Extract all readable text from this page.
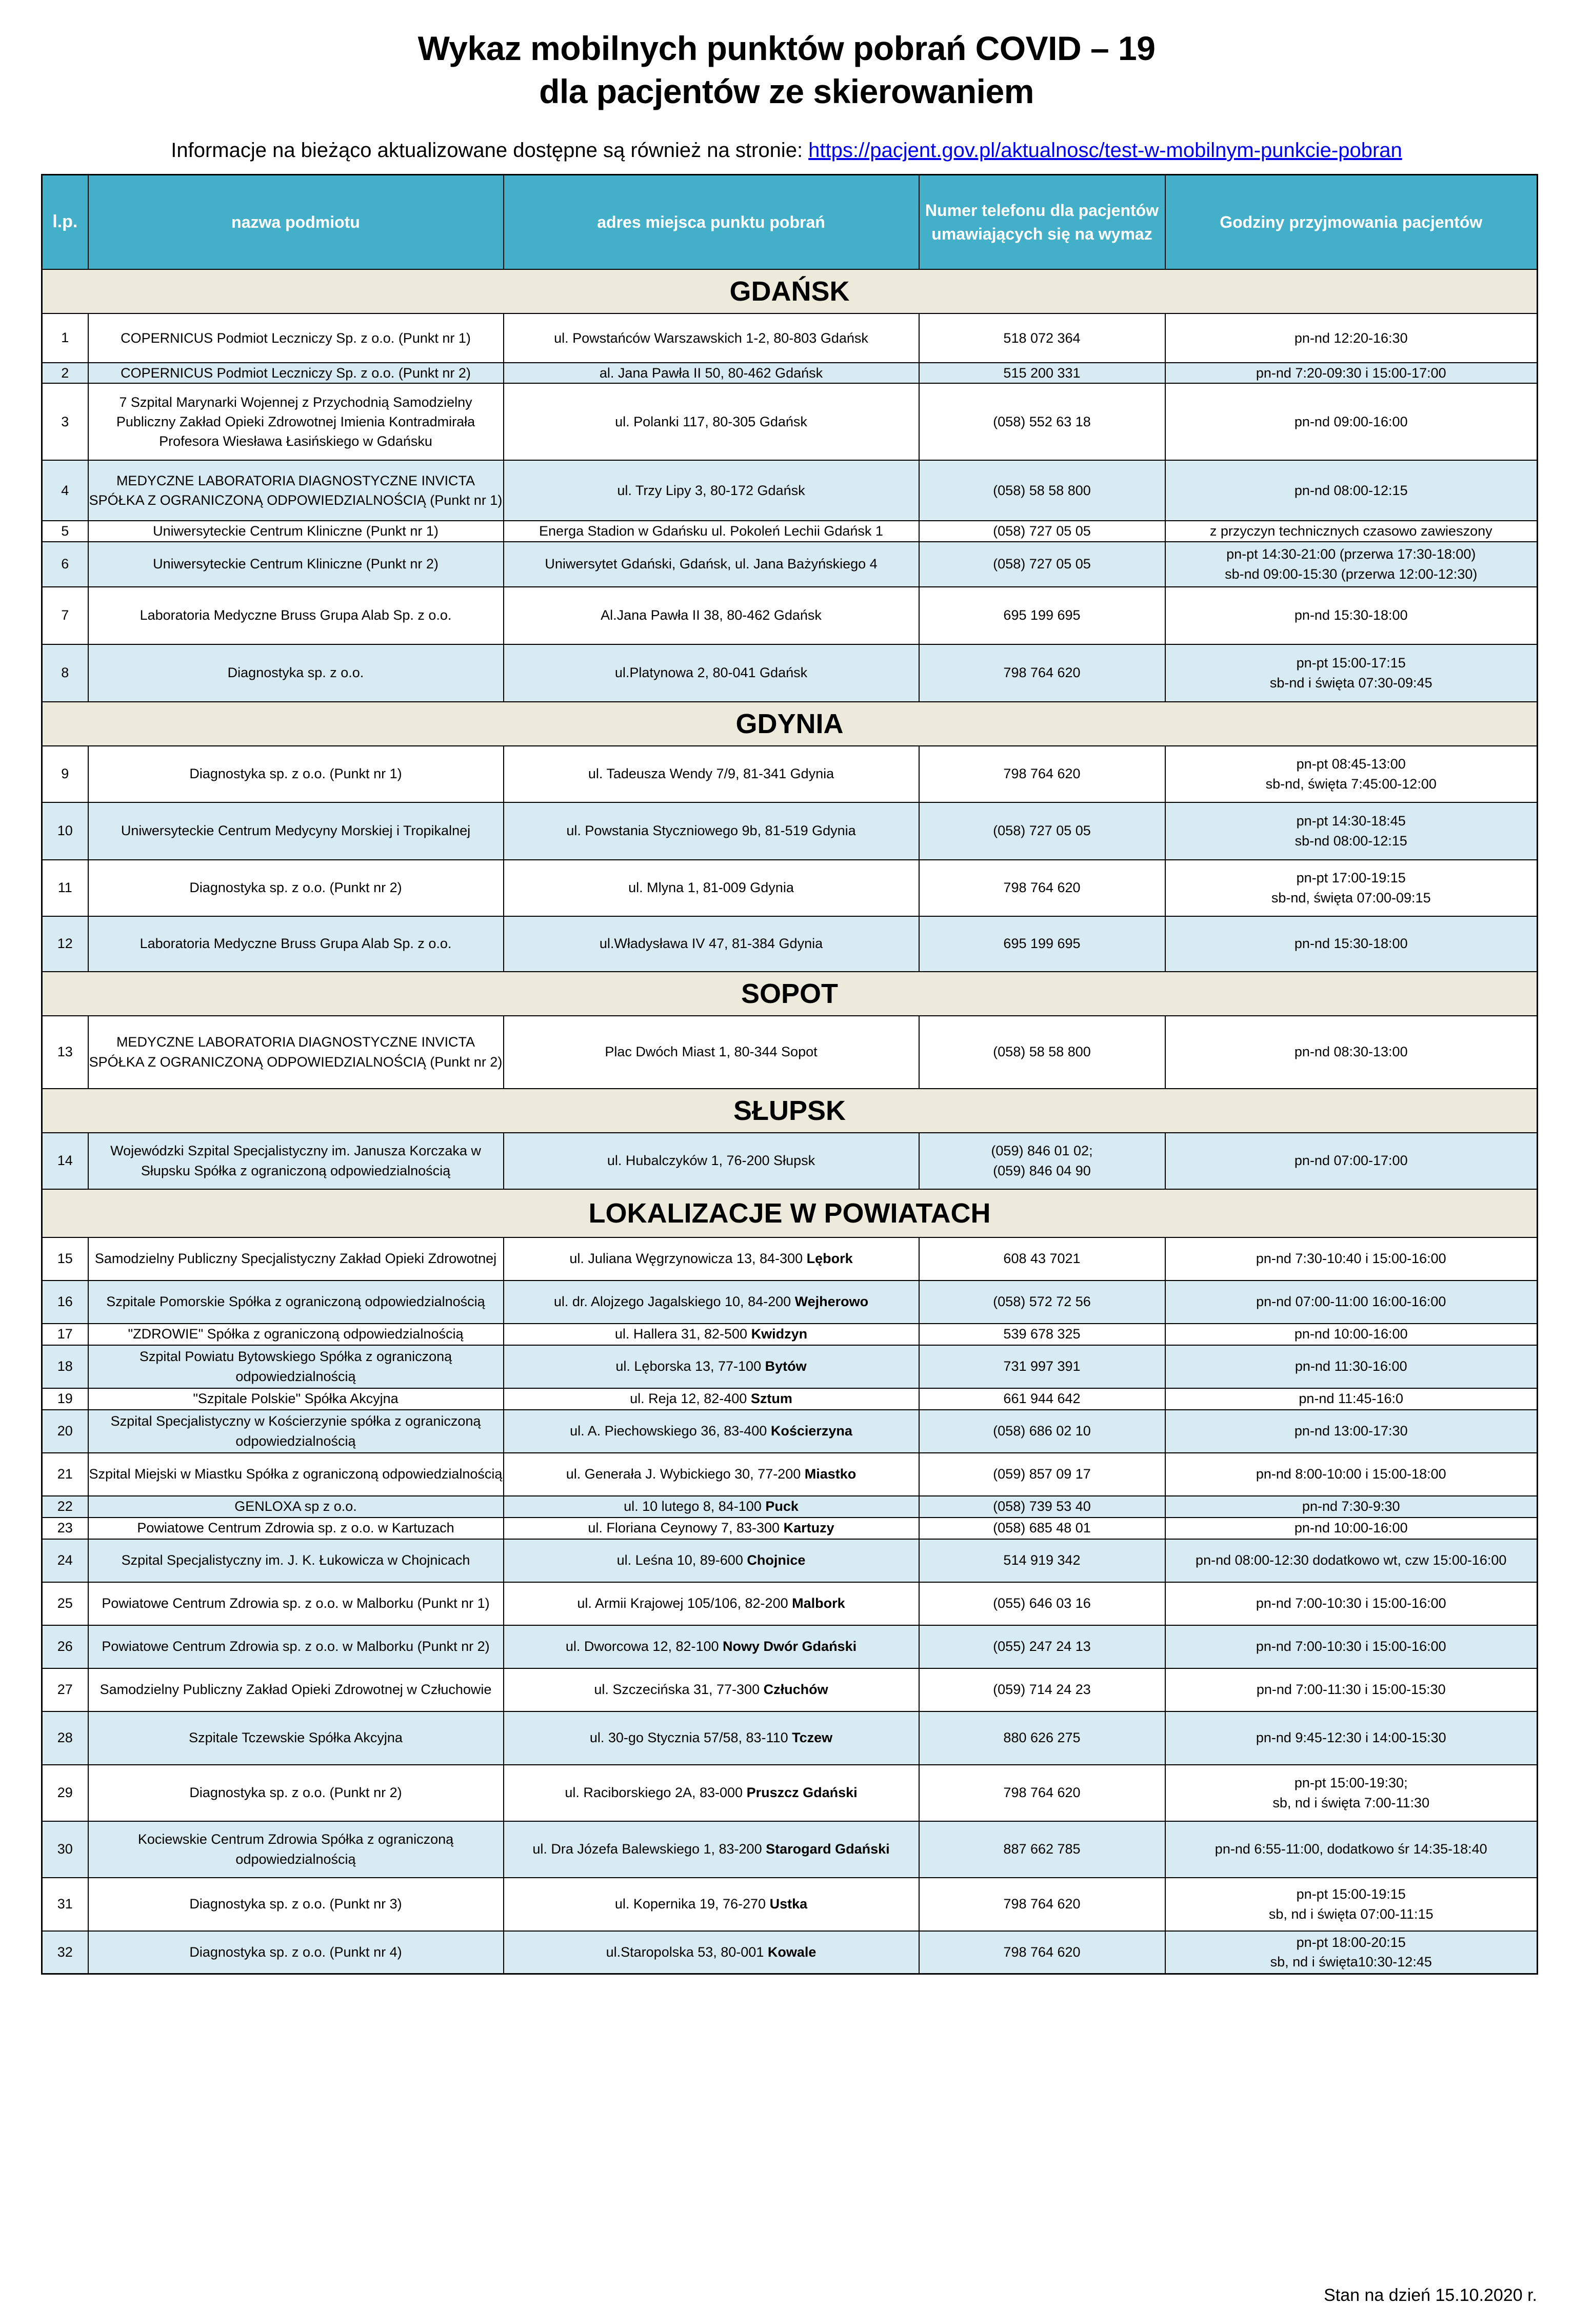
Wykaz mobilnych punktów pobrań COVID – 19
dla pacjentów ze skierowaniem
Informacje na bieżąco aktualizowane dostępne są również na stronie: https://pacjent.gov.pl/aktualnosc/test-w-mobilnym-punkcie-pobran
l.p.	nazwa podmiotu	adres miejsca punktu pobrań	Numer telefonu dla pacjentów umawiających się na wymaz	Godziny przyjmowania pacjentów
GDAŃSK				
1	COPERNICUS Podmiot Leczniczy Sp. z o.o. (Punkt nr 1)	ul. Powstańców Warszawskich 1-2, 80-803 Gdańsk	518 072 364	pn-nd 12:20-16:30
2	COPERNICUS Podmiot Leczniczy Sp. z o.o. (Punkt nr 2)	al. Jana Pawła II 50, 80-462 Gdańsk	515 200 331	pn-nd 7:20-09:30 i 15:00-17:00
3	7 Szpital Marynarki Wojennej z Przychodnią Samodzielny Publiczny Zakład Opieki Zdrowotnej Imienia Kontradmirała Profesora Wiesława Łasińskiego w Gdańsku	ul. Polanki 117, 80-305 Gdańsk	(058) 552 63 18	pn-nd 09:00-16:00
4	MEDYCZNE LABORATORIA DIAGNOSTYCZNE INVICTA SPÓŁKA Z OGRANICZONĄ ODPOWIEDZIALNOŚCIĄ (Punkt nr 1)	ul. Trzy Lipy 3, 80-172 Gdańsk	(058) 58 58 800	pn-nd 08:00-12:15
5	Uniwersyteckie Centrum Kliniczne (Punkt nr 1)	Energa Stadion w Gdańsku ul. Pokoleń Lechii Gdańsk 1	(058) 727 05 05	z przyczyn technicznych czasowo zawieszony
6	Uniwersyteckie Centrum Kliniczne (Punkt nr 2)	Uniwersytet Gdański, Gdańsk, ul. Jana Bażyńskiego 4	(058) 727 05 05	pn-pt 14:30-21:00 (przerwa 17:30-18:00)
sb-nd 09:00-15:30 (przerwa 12:00-12:30)
7	Laboratoria Medyczne Bruss Grupa Alab Sp. z o.o.	Al.Jana Pawła II 38, 80-462 Gdańsk	695 199 695	pn-nd 15:30-18:00
8	Diagnostyka sp. z o.o.	ul.Platynowa 2, 80-041 Gdańsk	798 764 620	pn-pt 15:00-17:15
sb-nd i święta 07:30-09:45
GDYNIA				
9	Diagnostyka sp. z o.o. (Punkt nr 1)	ul. Tadeusza Wendy 7/9, 81-341 Gdynia	798 764 620	pn-pt 08:45-13:00
sb-nd, święta 7:45:00-12:00
10	Uniwersyteckie Centrum Medycyny Morskiej i Tropikalnej	ul. Powstania Styczniowego 9b, 81-519 Gdynia	(058) 727 05 05	pn-pt 14:30-18:45
sb-nd 08:00-12:15
11	Diagnostyka sp. z o.o. (Punkt nr 2)	ul. Mlyna 1, 81-009 Gdynia	798 764 620	pn-pt 17:00-19:15
sb-nd, święta 07:00-09:15
12	Laboratoria Medyczne Bruss Grupa Alab Sp. z o.o.	ul.Władysława IV 47, 81-384 Gdynia	695 199 695	pn-nd 15:30-18:00
SOPOT				
13	MEDYCZNE LABORATORIA DIAGNOSTYCZNE INVICTA SPÓŁKA Z OGRANICZONĄ ODPOWIEDZIALNOŚCIĄ (Punkt nr 2)	Plac Dwóch Miast 1, 80-344 Sopot	(058) 58 58 800	pn-nd 08:30-13:00
SŁUPSK				
14	Wojewódzki Szpital Specjalistyczny im. Janusza Korczaka w Słupsku Spółka z ograniczoną odpowiedzialnością	ul. Hubalczyków 1, 76-200 Słupsk	(059) 846 01 02;
(059) 846 04 90	pn-nd 07:00-17:00
LOKALIZACJE W POWIATACH				
15	Samodzielny Publiczny Specjalistyczny Zakład Opieki Zdrowotnej	ul. Juliana Węgrzynowicza 13, 84-300 Lębork	608 43 7021	pn-nd 7:30-10:40 i 15:00-16:00
16	Szpitale Pomorskie Spółka z ograniczoną odpowiedzialnością	ul. dr. Alojzego Jagalskiego 10, 84-200 Wejherowo	(058) 572 72 56	pn-nd 07:00-11:00 16:00-16:00
17	"ZDROWIE" Spółka z ograniczoną odpowiedzialnością	ul. Hallera 31, 82-500 Kwidzyn	539 678 325	pn-nd 10:00-16:00
18	Szpital Powiatu Bytowskiego Spółka z ograniczoną odpowiedzialnością	ul. Lęborska 13, 77-100 Bytów	731 997 391	pn-nd 11:30-16:00
19	"Szpitale Polskie" Spółka Akcyjna	ul. Reja 12, 82-400 Sztum	661 944 642	pn-nd 11:45-16:0
20	Szpital Specjalistyczny w Kościerzynie spółka z ograniczoną odpowiedzialnością	ul. A. Piechowskiego 36, 83-400 Kościerzyna	(058) 686 02 10	pn-nd 13:00-17:30
21	Szpital Miejski w Miastku Spółka z ograniczoną odpowiedzialnością	ul. Generała J. Wybickiego 30, 77-200 Miastko	(059) 857 09 17	pn-nd 8:00-10:00 i 15:00-18:00
22	GENLOXA sp z o.o.	ul. 10 lutego 8, 84-100 Puck	(058) 739 53 40	pn-nd 7:30-9:30
23	Powiatowe Centrum Zdrowia sp. z o.o. w Kartuzach	ul. Floriana Ceynowy 7, 83-300 Kartuzy	(058) 685 48 01	pn-nd 10:00-16:00
24	Szpital Specjalistyczny im. J. K. Łukowicza w Chojnicach	ul. Leśna 10, 89-600 Chojnice	514 919 342	pn-nd 08:00-12:30 dodatkowo wt, czw 15:00-16:00
25	Powiatowe Centrum Zdrowia sp. z o.o. w Malborku (Punkt nr 1)	ul. Armii Krajowej 105/106, 82-200 Malbork	(055) 646 03 16	pn-nd 7:00-10:30 i 15:00-16:00
26	Powiatowe Centrum Zdrowia sp. z o.o. w Malborku (Punkt nr 2)	ul. Dworcowa 12, 82-100 Nowy Dwór Gdański	(055) 247 24 13	pn-nd 7:00-10:30 i 15:00-16:00
27	Samodzielny Publiczny Zakład Opieki Zdrowotnej w Człuchowie	ul. Szczecińska 31, 77-300 Człuchów	(059) 714 24 23	pn-nd 7:00-11:30 i 15:00-15:30
28	Szpitale Tczewskie Spółka Akcyjna	ul. 30-go Stycznia 57/58, 83-110 Tczew	880 626 275	pn-nd 9:45-12:30 i 14:00-15:30
29	Diagnostyka sp. z o.o. (Punkt nr 2)	ul. Raciborskiego 2A, 83-000 Pruszcz Gdański	798 764 620	pn-pt 15:00-19:30;
sb, nd i święta 7:00-11:30
30	Kociewskie Centrum Zdrowia Spółka z ograniczoną odpowiedzialnością	ul. Dra Józefa Balewskiego 1, 83-200 Starogard Gdański	887 662 785	pn-nd 6:55-11:00, dodatkowo śr 14:35-18:40
31	Diagnostyka sp. z o.o. (Punkt nr 3)	ul. Kopernika 19, 76-270 Ustka	798 764 620	pn-pt 15:00-19:15
sb, nd i święta 07:00-11:15
32	Diagnostyka sp. z o.o. (Punkt nr 4)	ul.Staropolska 53, 80-001 Kowale	798 764 620	pn-pt 18:00-20:15
sb, nd i święta10:30-12:45
Stan na dzień 15.10.2020 r.
